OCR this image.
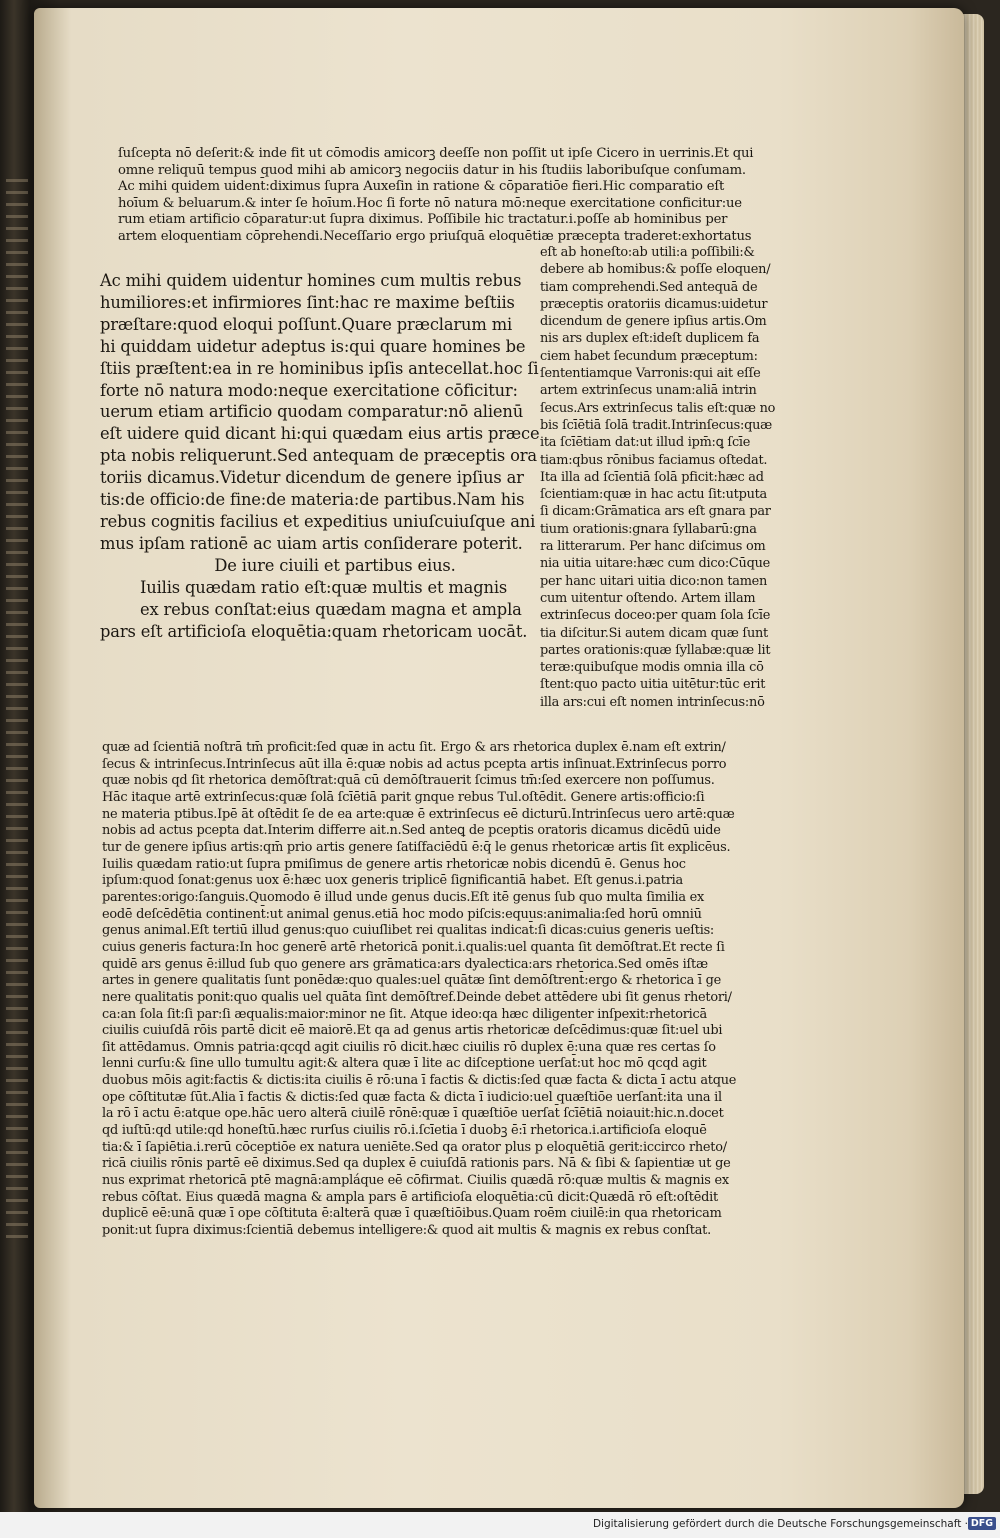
ſuſcepta nō deſerit:& inde fit ut cōmodis amicorꝫ deeſſe non poſſit ut ipſe Cicero in uerrinis.Et qui

omne reliquū tempus quod mihi ab amicorꝫ negociis datur in his ſtudiis laboribuſque conſumam.

Ac mihi quidem uident̄:diximus ſupra Auxeſin in ratione & cōparatiōe fieri.Hic comparatio eſt

hoīum & beluarum.& inter ſe hoīum.Hoc ſi forte nō natura mō:neque exercitatione conficitur:ue

rum etiam artificio cōparatur:ut ſupra diximus. Poſſibile hic tractatur.i.poſſe ab hominibus per

artem eloquentiam cōprehendi.Neceſſario ergo priuſquā eloquētiæ præcepta traderet:exhortatus

Ac mihi quidem uidentur homines cum multis rebus

humiliores:et infirmiores ſint:hac re maxime beſtiis

præſtare:quod eloqui poſſunt.Quare præclarum mi

hi quiddam uidetur adeptus is:qui quare homines be

ſtiis præſtent:ea in re hominibus ipſis antecellat.hoc ſi

forte nō natura modo:neque exercitatione cōficitur:

uerum etiam artificio quodam comparatur:nō alienū

eſt uidere quid dicant hi:qui quædam eius artis præce

pta nobis reliquerunt.Sed antequam de præceptis ora

toriis dicamus.Videtur dicendum de genere ipſius ar

tis:de officio:de fine:de materia:de partibus.Nam his

rebus cognitis facilius et expeditius uniuſcuiuſque ani

mus ipſam rationē ac uiam artis conſiderare poterit.

De iure ciuili et partibus eius.

Iuilis quædam ratio eſt:quæ multis et magnis

ex rebus conſtat:eius quædam magna et ampla

pars eſt artificioſa eloquētia:quam rhetoricam uocāt.

eſt ab honeſto:ab utili:a poſſibili:&

debere ab homibus:& poſſe eloquen/

tiam comprehendi.Sed antequā de

præceptis oratoriis dicamus:uidetur

dicendum de genere ipſius artis.Om

nis ars duplex eſt:ideſt duplicem fa

ciem habet ſecundum præceptum:

ſententiamque Varronis:qui ait eſſe

artem extrinſecus unam:aliā intrin

ſecus.Ars extrinſecus talis eſt:quæ no

bis ſcīētiā ſolā tradit.Intrinſecus:quæ

ita ſcīētiam dat:ut illud ipm̄:ꝗ ſcīe

tiam:qbus rōnibus faciamus oſtedat.

Ita illa ad ſcīentiā ſolā pficit:hæc ad

ſcientiam:quæ in hac actu ſit:utputa

ſi dicam:Grāmatica ars eſt gnara par

tium orationis:gnara ſyllabarū:gna

ra litterarum. Per hanc diſcimus om

nia uitia uitare:hæc cum dico:Cūque

per hanc uitari uitia dico:non tamen

cum uitentur oſtendo. Artem illam

extrinſecus doceo:per quam ſola ſcīe

tia diſcitur.Si autem dicam quæ ſunt

partes orationis:quæ ſyllabæ:quæ lit

teræ:quibuſque modis omnia illa cō

ſtent:quo pacto uitia uitētur:tūc erit

illa ars:cui eſt nomen intrinſecus:nō

quæ ad ſcientiā noſtrā tm̄ proficit:ſed quæ in actu ſit. Ergo & ars rhetorica duplex ē.nam eſt extrin/

ſecus & intrinſecus.Intrinſecus aūt illa ē:quæ nobis ad actus pcepta artis inſinuat.Extrinſecus porro

quæ nobis qd ſit rhetorica demōſtrat:quā cū demōſtrauerit ſcimus tm̄:ſed exercere non poſſumus.

Hāc itaque artē extrinſecus:quæ ſolā ſcīētiā parit gnque rebus Tul.oſtēdit. Genere artis:officio:ſi

ne materia ptibus.Ipē āt oſtēdit ſe de ea arte:quæ ē extrinſecus eē dicturū.Intrinſecus uero artē:quæ

nobis ad actus pcepta dat.Interim differre ait.n.Sed anteꝗ de pceptis oratoris dicamus dicēdū uide

tur de genere ipſius artis:qm̄ prio artis genere ſatiſfaciēdū ē:q̄ le genus rhetoricæ artis ſit explicēus.

Iuilis quædam ratio:ut ſupra pmiſimus de genere artis rhetoricæ nobis dicendū ē. Genus hoc

ipſum:quod ſonat:genus uox ē:hæc uox generis triplicē ſignificantiā habet. Eſt genus.i.patria

parentes:origo:ſanguis.Quomodo ē illud unde genus ducis.Eſt itē genus ſub quo multa ſimilia ex

eodē deſcēdētia continent̄:ut animal genus.etiā hoc modo piſcis:equus:animalia:ſed horū omniū

genus animal.Eſt tertiū illud genus:quo cuiuſlibet rei qualitas indicat̄:ſi dicas:cuius generis ueſtis:

cuius generis factura:In hoc generē artē rhetoricā ponit.i.qualis:uel quanta ſit demōſtrat.Et recte ſi

quidē ars genus ē:illud ſub quo genere ars grāmatica:ars dyalectica:ars rhetorica.Sed omēs iſtæ

artes in genere qualitatis ſunt ponēdæ:quo quales:uel quātæ ſint demōſtrent̄:ergo & rhetorica ī ge

nere qualitatis ponit:quo qualis uel quāta ſint demōſtref.Deinde debet attēdere ubi ſit genus rhetori/

ca:an ſola ſit:ſi par:ſi æqualis:maior:minor ne ſit. Atque ideo:qa hæc diligenter inſpexit:rhetoricā

ciuilis cuiuſdā rōis partē dicit eē maiorē.Et qa ad genus artis rhetoricæ deſcēdimus:quæ ſit:uel ubi

ſit attēdamus. Omnis patria:qcqd agit ciuilis rō dicit.hæc ciuilis rō duplex ē:una quæ res certas ſo

lenni curſu:& ſine ullo tumultu agit:& altera quæ ī lite ac diſceptione uerſat̄:ut hoc mō qcqd agit

duobus mōis agit:factis & dictis:ita ciuilis ē rō:una ī factis & dictis:ſed quæ facta & dicta ī actu atque

ope cōſtitutæ ſūt.Alia ī factis & dictis:ſed quæ facta & dicta ī iudicio:uel quæſtiōe uerſant̄:ita una il

la rō ī actu ē:atque ope.hāc uero alterā ciuilē rōnē:quæ ī quæſtiōe uerſat̄ ſcīētiā noiauit:hic.n.docet

qd iuſtū:qd utile:qd honeſtū.hæc rurſus ciuilis rō.i.ſcīetia ī duobꝫ ē:ī rhetorica.i.artificioſa eloquē

tia:& ī ſapiētia.i.rerū cōceptiōe ex natura ueniēte.Sed qa orator plus p eloquētiā gerit:iccirco rheto/

ricā ciuilis rōnis partē eē diximus.Sed qa duplex ē cuiuſdā rationis pars. Nā & ſibi & ſapientiæ ut ge

nus exprimat rhetoricā ptē magnā:ampláque eē cōfirmat. Ciuilis quædā rō:quæ multis & magnis ex

rebus cōſtat. Eius quædā magna & ampla pars ē artificioſa eloquētia:cū dicit:Quædā rō eſt:oſtēdit

duplicē eē:unā quæ ī ope cōſtituta ē:alterā quæ ī quæſtiōibus.Quam roēm ciuilē:in qua rhetoricam

ponit:ut ſupra diximus:ſcientiā debemus intelligere:& quod ait multis & magnis ex rebus conſtat.

Digitalisierung gefördert durch die Deutsche Forschungsgemeinschaft · DFG
